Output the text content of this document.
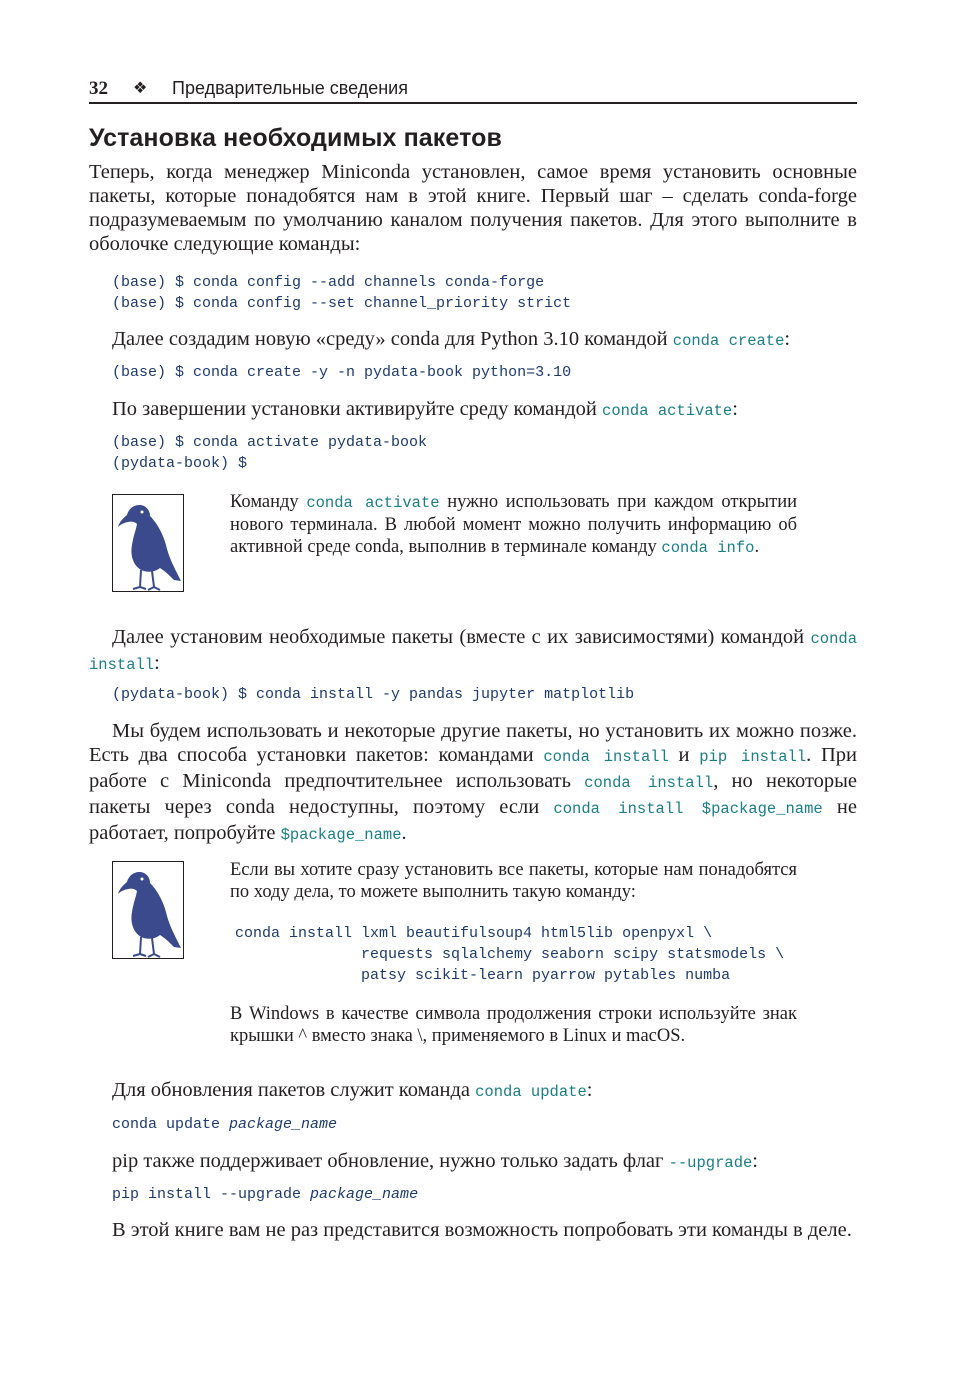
32 ❖ Предварительные сведения
Установка необходимых пакетов

Теперь, когда менеджер Miniconda установлен, самое время установить основные пакеты, которые понадобятся нам в этой книге. Первый шаг – сделать conda-forge подразумеваемым по умолчанию каналом получения пакетов. Для этого выполните в оболочке следующие команды:

(base) $ conda config --add channels conda-forge
(base) $ conda config --set channel_priority strict

Далее создадим новую «среду» conda для Python 3.10 командой conda create:

(base) $ conda create -y -n pydata-book python=3.10

По завершении установки активируйте среду командой conda activate:

(base) $ conda activate pydata-book
(pydata-book) $

Команду conda activate нужно использовать при каждом открытии нового терминала. В любой момент можно получить информацию об активной среде conda, выполнив в терминале команду conda info.

Далее установим необходимые пакеты (вместе с их зависимостями) командой conda install:

(pydata-book) $ conda install -y pandas jupyter matplotlib

Мы будем использовать и некоторые другие пакеты, но установить их можно позже. Есть два способа установки пакетов: командами conda install и pip install. При работе с Miniconda предпочтительнее использовать conda install, но некоторые пакеты через conda недоступны, поэтому если conda install $package_name не работает, попробуйте $package_name.

Если вы хотите сразу установить все пакеты, которые нам понадобятся по ходу дела, то можете выполнить такую команду:

conda install lxml beautifulsoup4 html5lib openpyxl \
requests sqlalchemy seaborn scipy statsmodels \
patsy scikit-learn pyarrow pytables numba

В Windows в качестве символа продолжения строки используйте знак крышки ^ вместо знака \, применяемого в Linux и macOS.

Для обновления пакетов служит команда conda update:

conda update package_name

pip также поддерживает обновление, нужно только задать флаг --upgrade:

pip install --upgrade package_name

В этой книге вам не раз представится возможность попробовать эти команды в деле.
